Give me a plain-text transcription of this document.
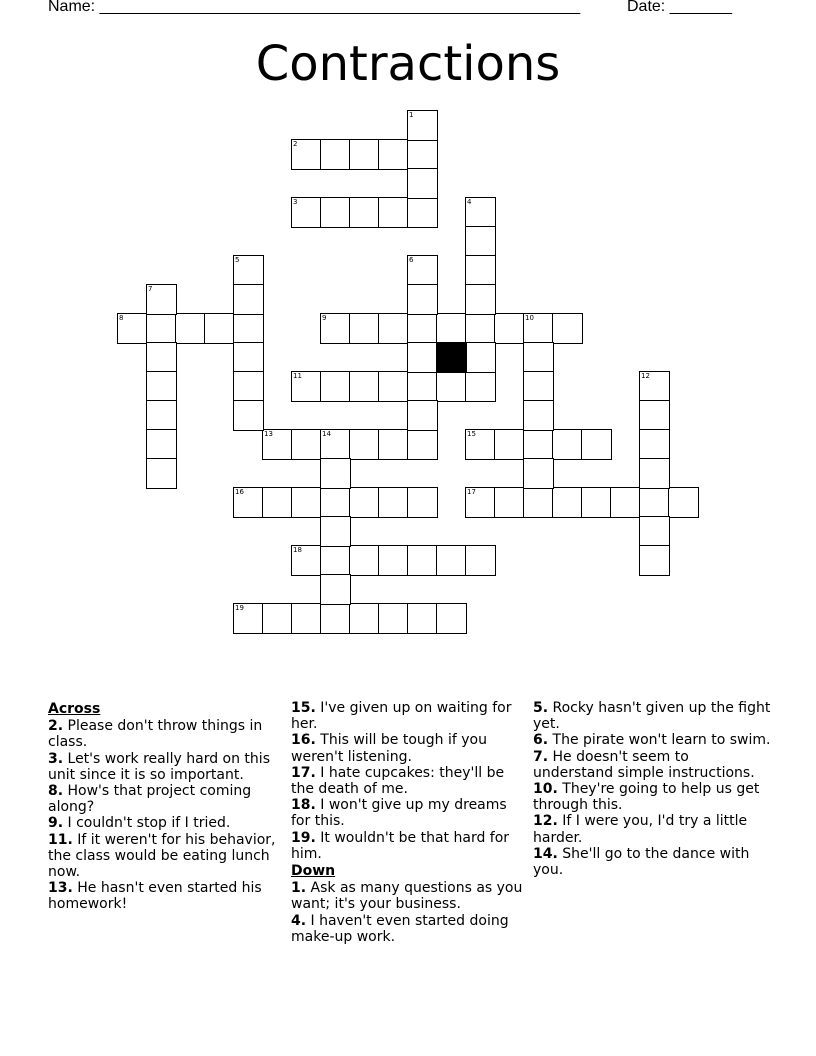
Name: ______________________________________________________	Date: _______
Contractions
2
3
8	9	10
11
13	14	15
16	17
18
19
1
4
5	6
7
12
Across
2. Please don't throw things in class.
3. Let's work really hard on this unit since it is so important.
8. How's that project coming along?
9. I couldn't stop if I tried.
11. If it weren't for his behavior, the class would be eating lunch now.
13. He hasn't even started his homework!
15. I've given up on waiting for her.
16. This will be tough if you weren't listening.
17. I hate cupcakes: they'll be the death of me.
18. I won't give up my dreams for this.
19. It wouldn't be that hard for him.
Down
1. Ask as many questions as you want; it's your business.
4. I haven't even started doing make-up work.
5. Rocky hasn't given up the fight yet.
6. The pirate won't learn to swim.
7. He doesn't seem to understand simple instructions.
10. They're going to help us get through this.
12. If I were you, I'd try a little harder.
14. She'll go to the dance with you.
